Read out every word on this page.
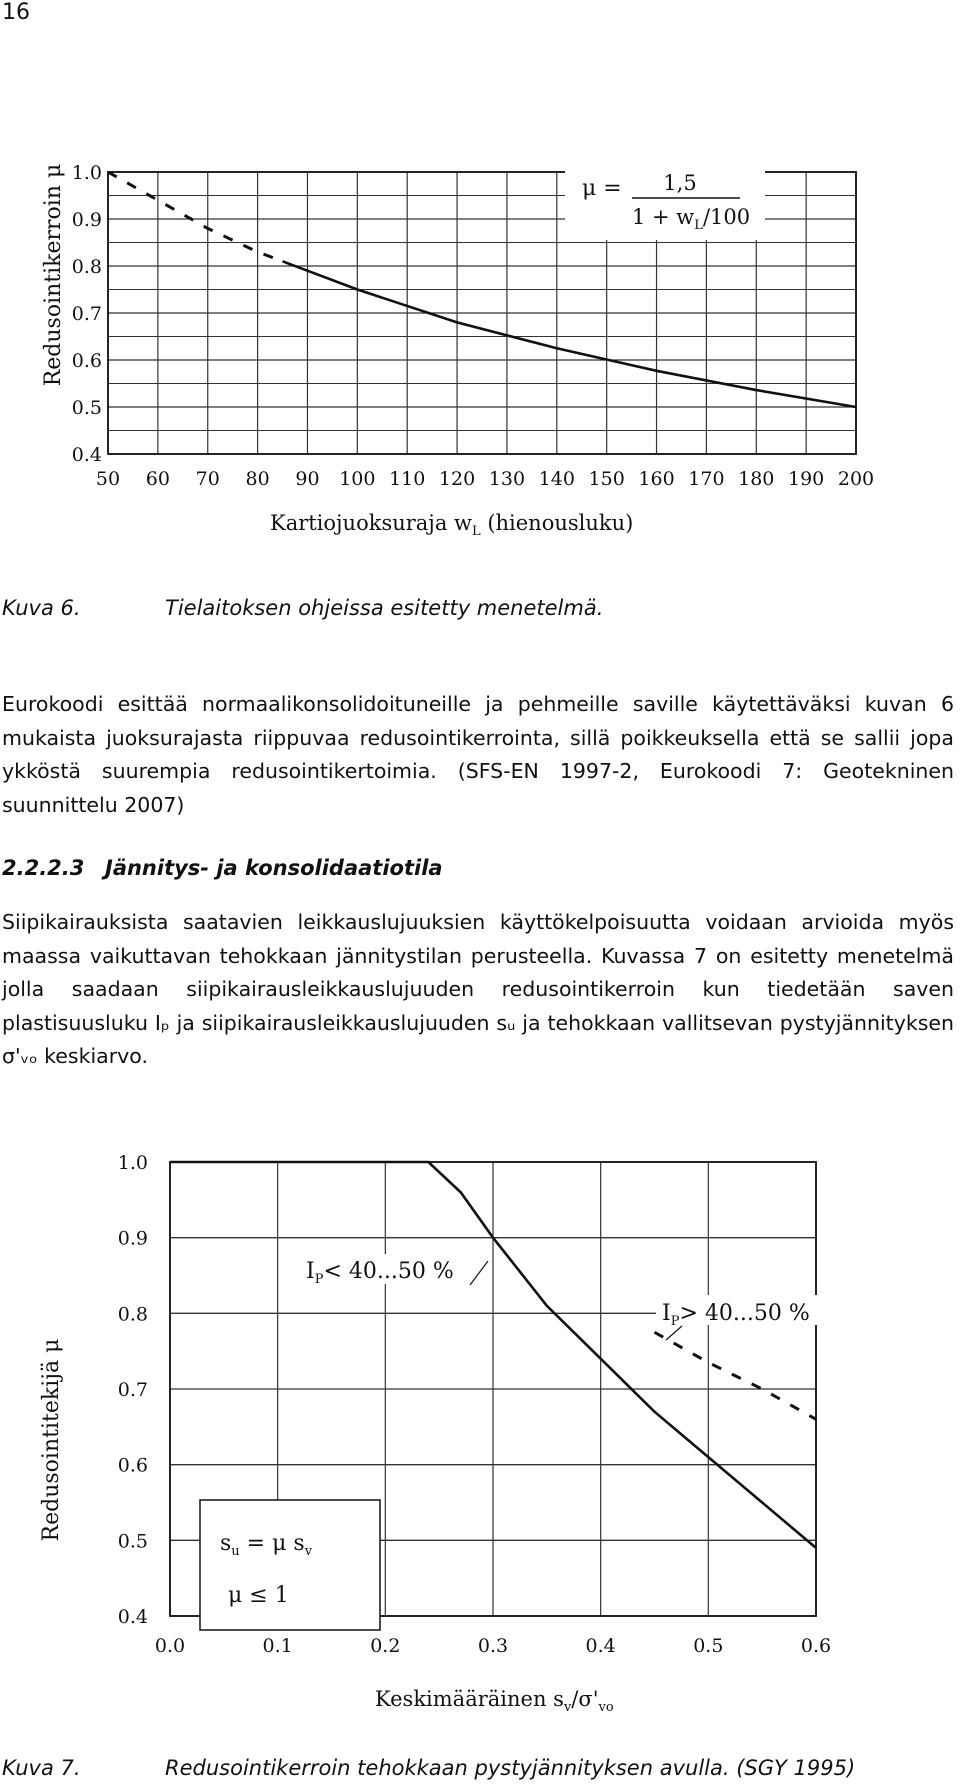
16
1.0
0.9
0.8
0.7
0.6
0.5
0.4
50 60 70 80 90 100 110 120 130 140 150 160 170 180 190 200
Redusointikerroin μ
Kartiojuoksuraja $w_L$ (hienousluku)
μ = 1,5
$1 + w_L/100$
Kuva 6.	Tielaitoksen ohjeissa esitetty menetelmä.

Eurokoodi esittää normaalikonsolidoituneille ja pehmeille saville käytettäväksi kuvan 6 mukaista juoksurajasta riippuvaa redusointikerrointa, sillä poikkeuksella että se sallii jopa ykköstä suurempia redusointikertoimia. (SFS-EN 1997-2, Eurokoodi 7: Geotekninen suunnittelu 2007)

2.2.2.3 Jännitys- ja konsolidaatiotila

Siipikairauksista saatavien leikkauslujuuksien käyttökelpoisuutta voidaan arvioida myös maassa vaikuttavan tehokkaan jännitystilan perusteella. Kuvassa 7 on esitetty menetelmä jolla saadaan siipikairausleikkauslujuuden redusointikerroin kun tiedetään saven plastisuusluku Iₚ ja siipikairausleikkauslujuuden sᵤ ja tehokkaan vallitsevan pystyjännityksen σ'ᵥₒ keskiarvo.

1.0
0.9
0.8
0.7
0.6
0.5
0.4
0.0	0.1	0.2	0.3	0.4	0.5	0.6
Redusointitekijä μ
Keskimääräinen $s_v/\sigma'_{vo}$
$I_P< 40...50$ %
$I_P> 40...50$ %
$s_u = \mu$ $s_v$
μ ≤ 1
Kuva 7.	Redusointikerroin tehokkaan pystyjännityksen avulla. (SGY 1995)
